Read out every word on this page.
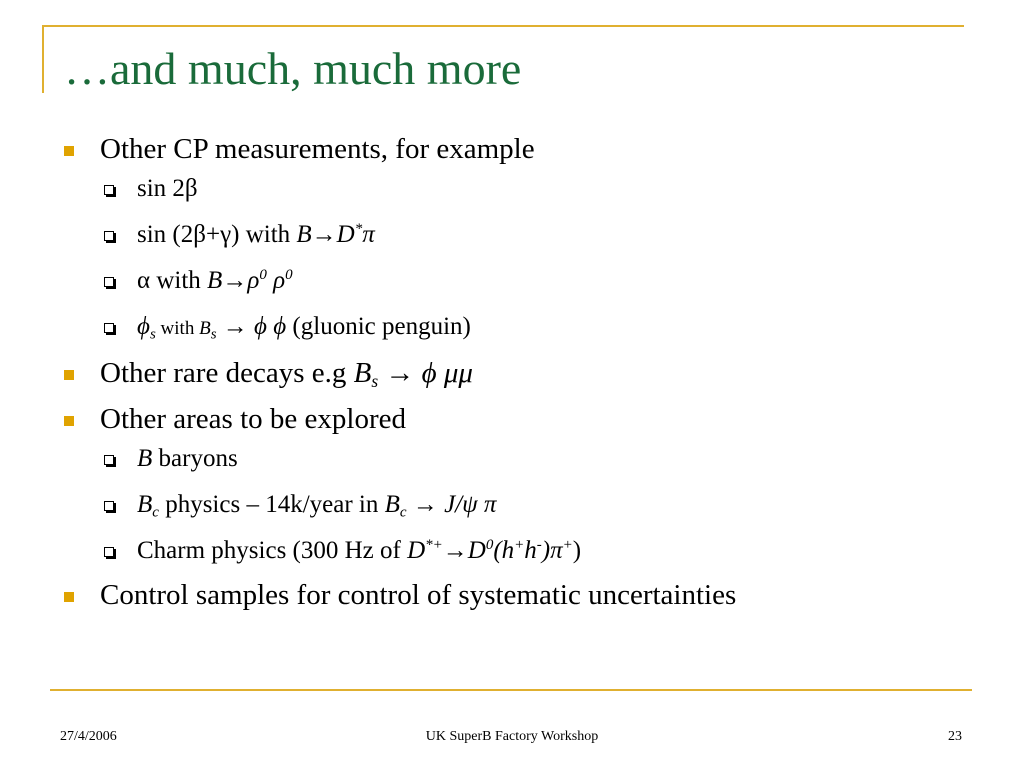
…and much, much more
Other CP measurements, for example
sin 2β
sin (2β+γ) with B→D*π
α with $B\to\rho^0$ $\rho^0$
$\phi_s$ with $B_s \to \phi$ ϕ (gluonic penguin)
Other rare decays e.g $B_s \to \phi$ μμ
Other areas to be explored
B baryons
$B_c$ physics – 14k/year in $B_c \to J/\psi$ π
Charm physics (300 Hz of $D^{*+}\to D^0(h^+h^-)\pi^+$)
Control samples for control of systematic uncertainties
27/4/2006	UK SuperB Factory Workshop	23
